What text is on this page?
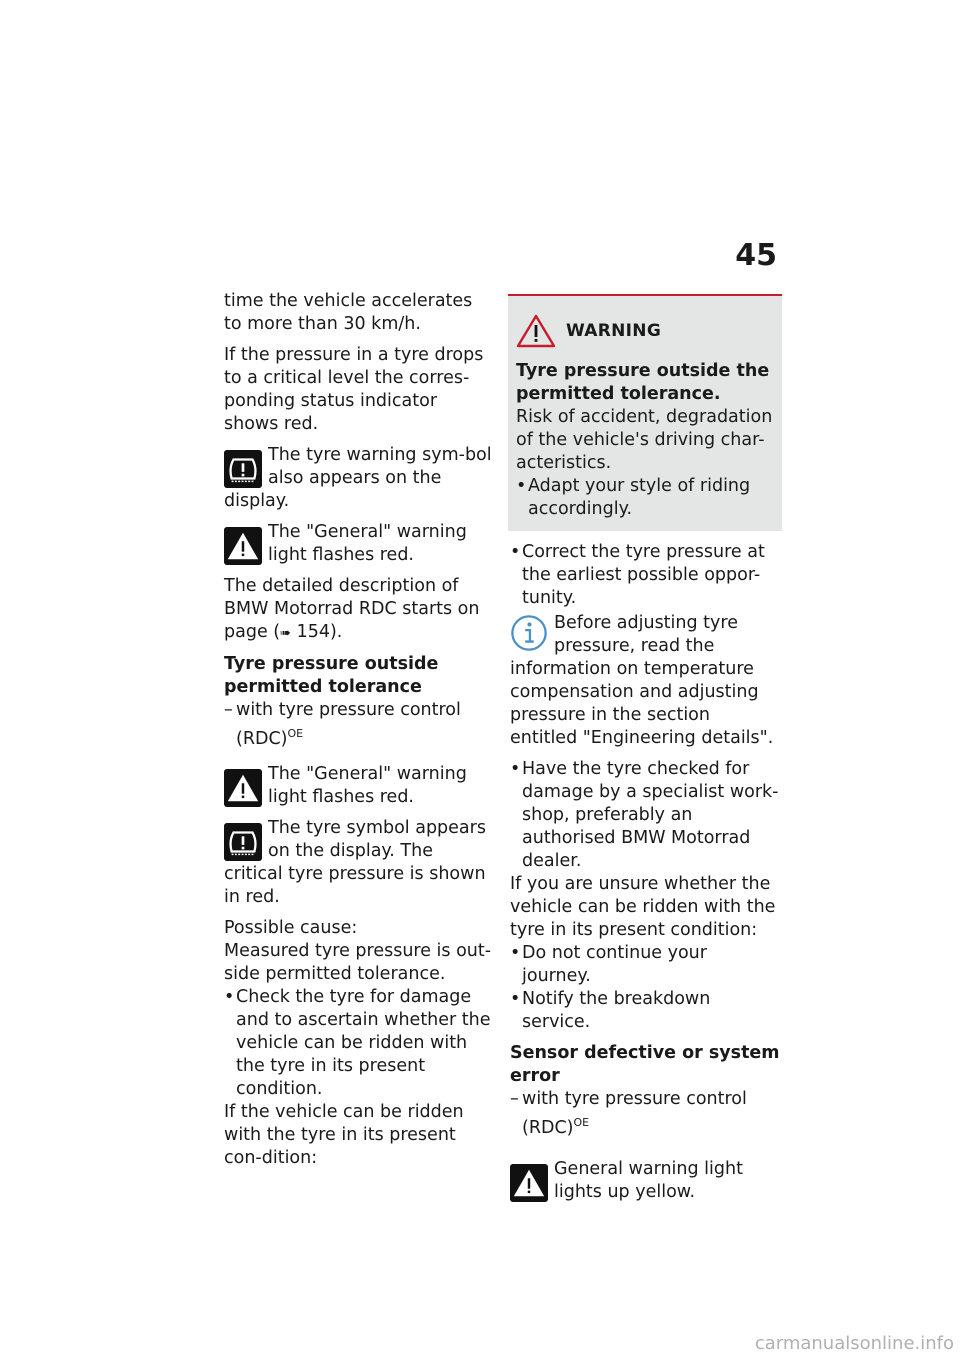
45

time the vehicle accelerates to more than 30 km/h.

If the pressure in a tyre drops to a critical level the corres-ponding status indicator shows red.

The tyre warning sym-bol also appears on the display.
The "General" warning light flashes red.

The detailed description of BMW Motorrad RDC starts on page (➠ 154).

Tyre pressure outside permitted tolerance

– with tyre pressure control (RDC)$^{OE}$
The "General" warning light flashes red.
The tyre symbol appears on the display. The critical tyre pressure is shown in red.

Possible cause:

Measured tyre pressure is out-side permitted tolerance.

• Check the tyre for damage and to ascertain whether the vehicle can be ridden with the tyre in its present condition.

If the vehicle can be ridden with the tyre in its present con-dition:

WARNING

Tyre pressure outside the permitted tolerance.

Risk of accident, degradation of the vehicle's driving char-acteristics.

• Adapt your style of riding accordingly.
• Correct the tyre pressure at the earliest possible oppor-tunity.
Before adjusting tyre pressure, read the information on temperature compensation and adjusting pressure in the section entitled "Engineering details".
• Have the tyre checked for damage by a specialist work-shop, preferably an authorised BMW Motorrad dealer.

If you are unsure whether the vehicle can be ridden with the tyre in its present condition:

• Do not continue your journey.
• Notify the breakdown service.

Sensor defective or system error

– with tyre pressure control (RDC)$^{OE}$
General warning light lights up yellow.
carmanualsonline.info
